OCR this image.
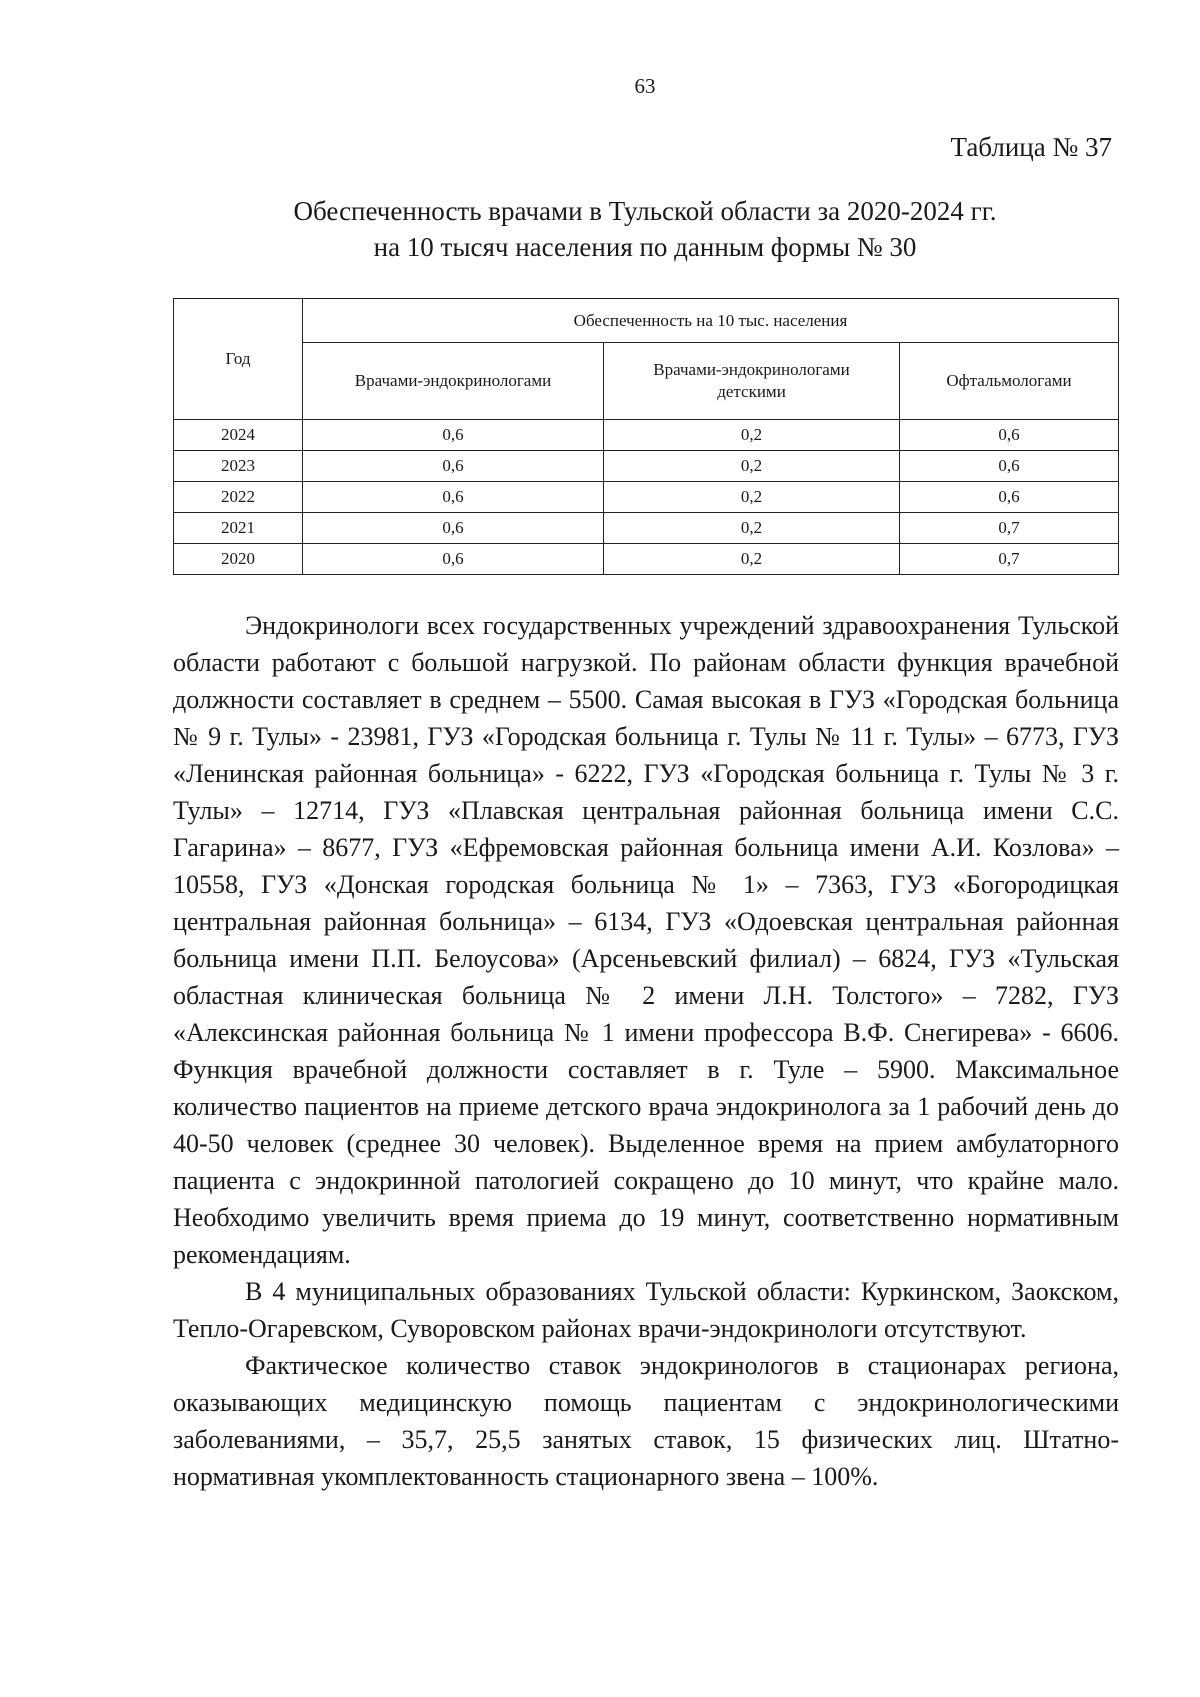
63
Таблица № 37
Обеспеченность врачами в Тульской области за 2020-2024 гг.
на 10 тысяч населения по данным формы № 30
Год	Обеспеченность на 10 тыс. населения		
	Врачами-эндокринологами	Врачами-эндокринологами детскими	Офтальмологами
2024	0,6	0,2	0,6
2023	0,6	0,2	0,6
2022	0,6	0,2	0,6
2021	0,6	0,2	0,7
2020	0,6	0,2	0,7

Эндокринологи всех государственных учреждений здравоохранения Тульской области работают с большой нагрузкой. По районам области функция врачебной должности составляет в среднем – 5500. Самая высокая в ГУЗ «Городская больница № 9 г. Тулы» - 23981, ГУЗ «Городская больница г. Тулы № 11 г. Тулы» – 6773, ГУЗ «Ленинская районная больница» - 6222, ГУЗ «Городская больница г. Тулы № 3 г. Тулы» – 12714, ГУЗ «Плавская центральная районная больница имени С.С. Гагарина» – 8677, ГУЗ «Ефремовская районная больница имени А.И. Козлова» – 10558, ГУЗ «Донская городская больница № 1» – 7363, ГУЗ «Богородицкая центральная районная больница» – 6134, ГУЗ «Одоевская центральная районная больница имени П.П. Белоусова» (Арсеньевский филиал) – 6824, ГУЗ «Тульская областная клиническая больница № 2 имени Л.Н. Толстого» – 7282, ГУЗ «Алексинская районная больница № 1 имени профессора В.Ф. Снегирева» - 6606. Функция врачебной должности составляет в г. Туле – 5900. Максимальное количество пациентов на приеме детского врача эндокринолога за 1 рабочий день до 40-50 человек (среднее 30 человек). Выделенное время на прием амбулаторного пациента с эндокринной патологией сокращено до 10 минут, что крайне мало. Необходимо увеличить время приема до 19 минут, соответственно нормативным рекомендациям.

В 4 муниципальных образованиях Тульской области: Куркинском, Заокском, Тепло-Огаревском, Суворовском районах врачи-эндокринологи отсутствуют.

Фактическое количество ставок эндокринологов в стационарах региона, оказывающих медицинскую помощь пациентам с эндокринологическими заболеваниями, – 35,7, 25,5 занятых ставок, 15 физических лиц. Штатно-нормативная укомплектованность стационарного звена – 100%.
